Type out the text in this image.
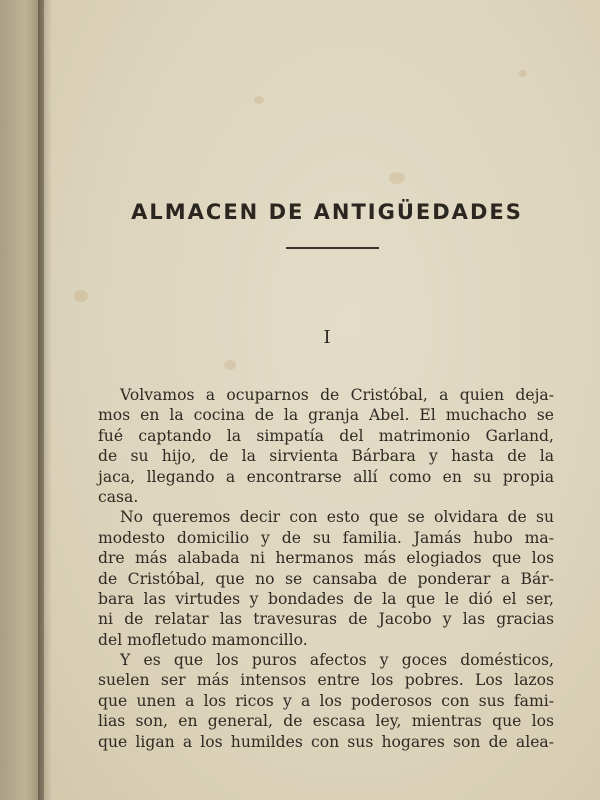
ALMACEN DE ANTIGÜEDADES
I
Volvamos a ocuparnos de Cristóbal, a quien deja-
mos en la cocina de la granja Abel. El muchacho se
fué captando la simpatía del matrimonio Garland,
de su hijo, de la sirvienta Bárbara y hasta de la
jaca, llegando a encontrarse allí como en su propia
casa.
No queremos decir con esto que se olvidara de su
modesto domicilio y de su familia. Jamás hubo ma-
dre más alabada ni hermanos más elogiados que los
de Cristóbal, que no se cansaba de ponderar a Bár-
bara las virtudes y bondades de la que le dió el ser,
ni de relatar las travesuras de Jacobo y las gracias
del mofletudo mamoncillo.
Y es que los puros afectos y goces domésticos,
suelen ser más intensos entre los pobres. Los lazos
que unen a los ricos y a los poderosos con sus fami-
lias son, en general, de escasa ley, mientras que los
que ligan a los humildes con sus hogares son de alea-
